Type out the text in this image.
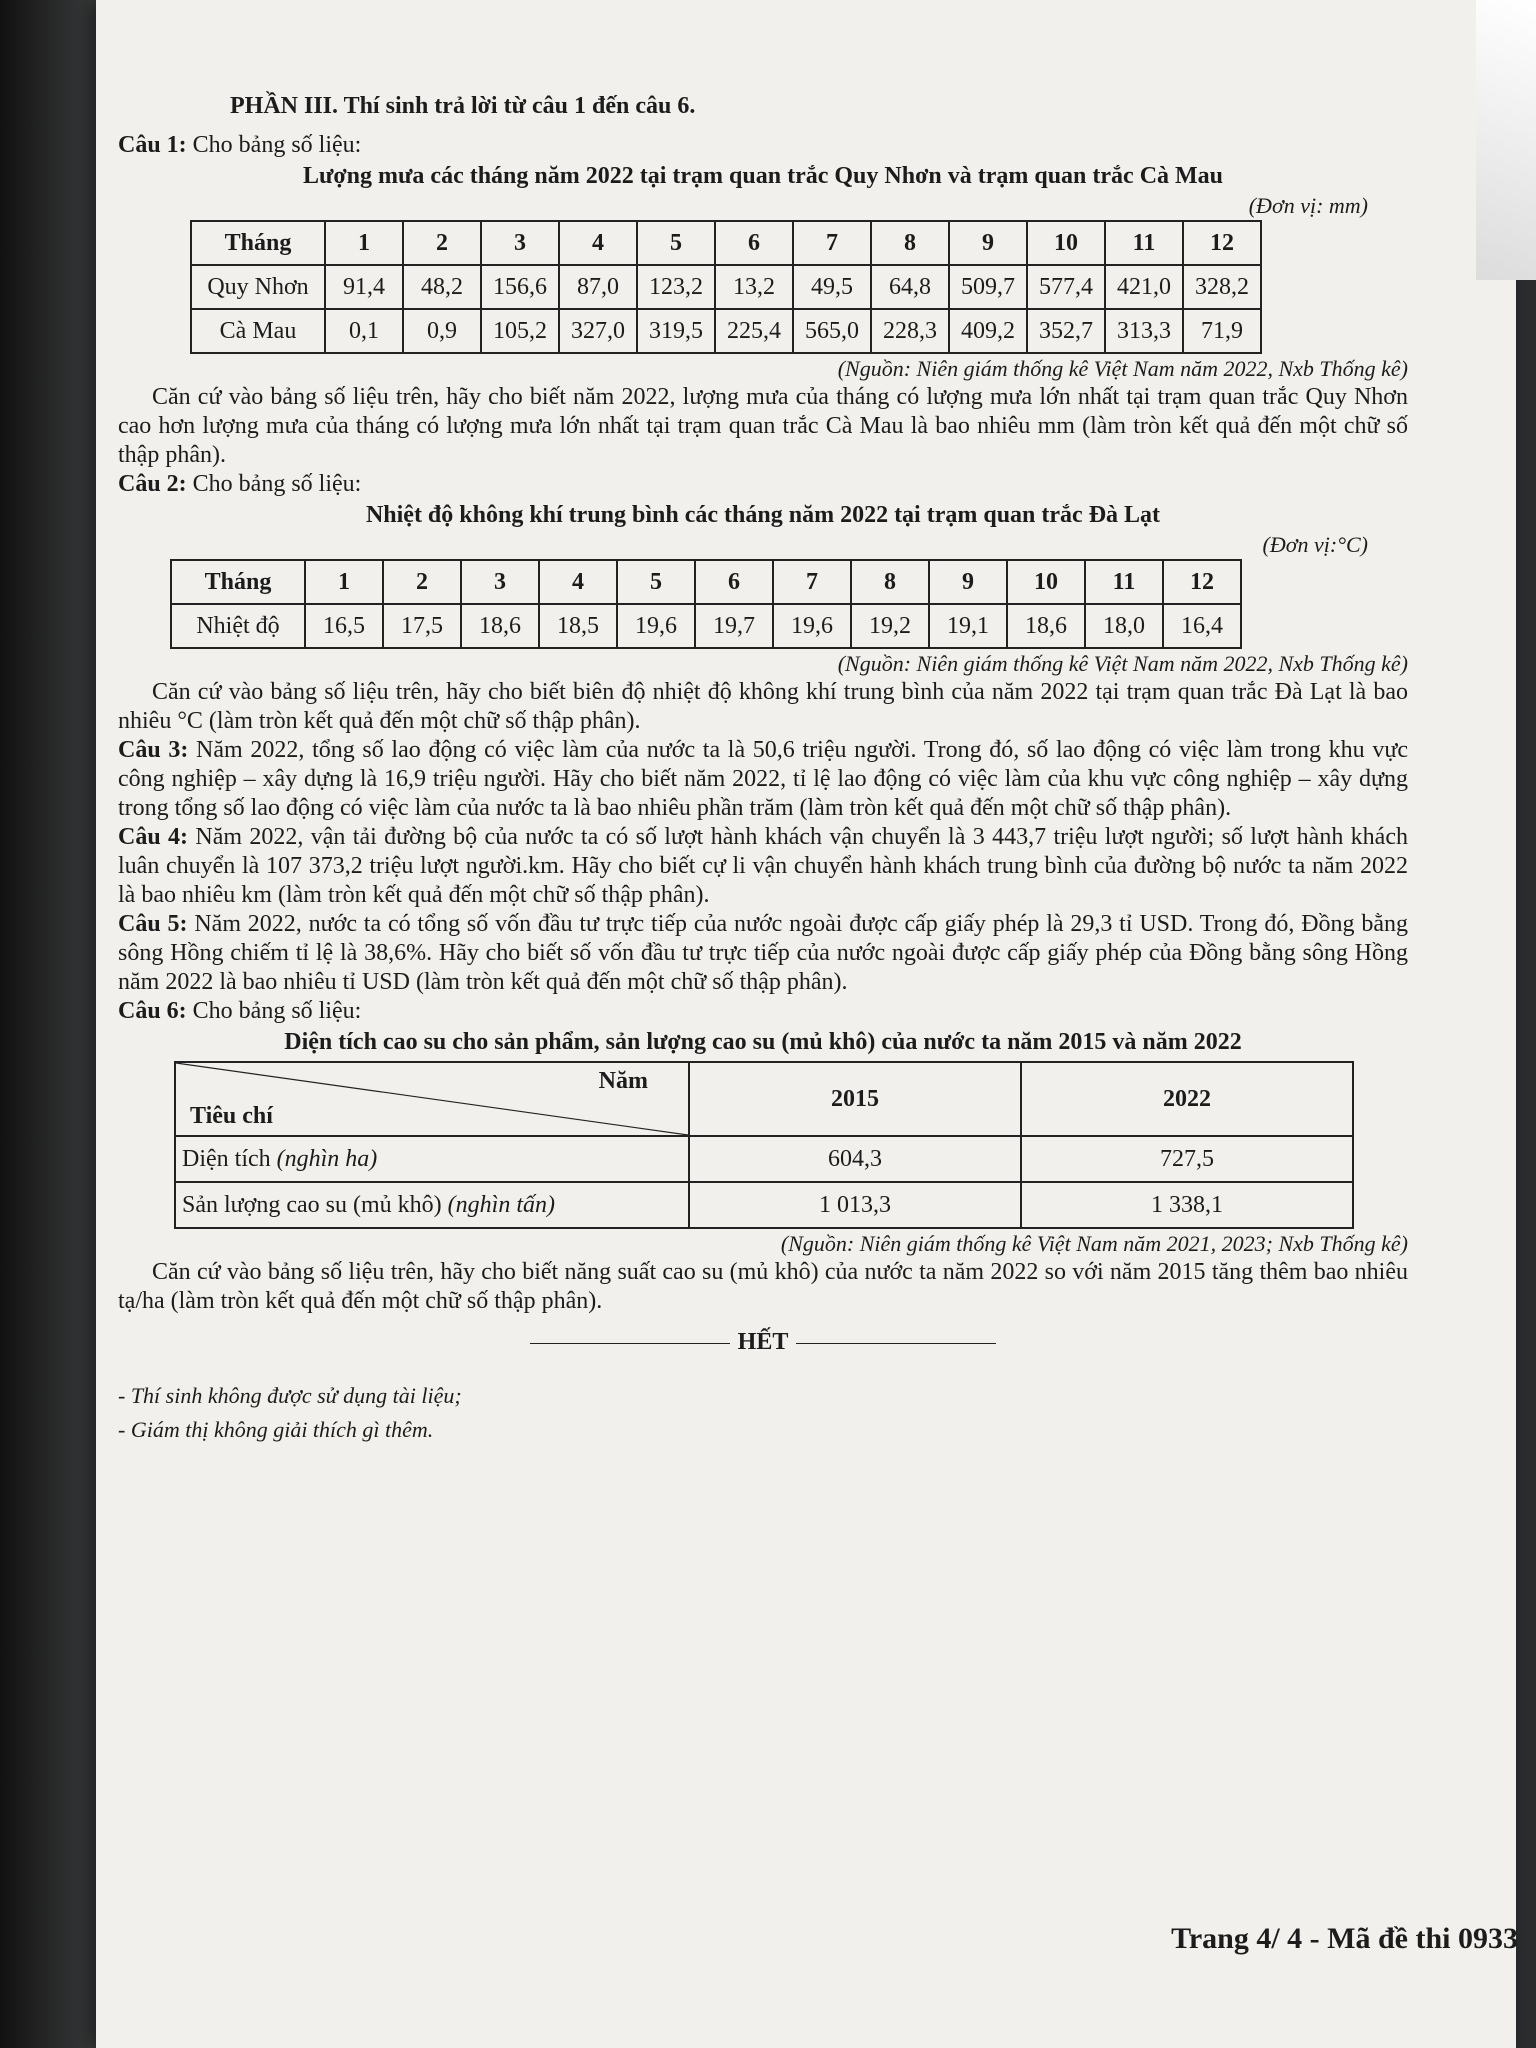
PHẦN III. Thí sinh trả lời từ câu 1 đến câu 6.

Câu 1: Cho bảng số liệu:

Lượng mưa các tháng năm 2022 tại trạm quan trắc Quy Nhơn và trạm quan trắc Cà Mau

(Đơn vị: mm)

Tháng	1	2	3	4	5	6	7	8	9	10	11	12
Quy Nhơn	91,4	48,2	156,6	87,0	123,2	13,2	49,5	64,8	509,7	577,4	421,0	328,2
Cà Mau	0,1	0,9	105,2	327,0	319,5	225,4	565,0	228,3	409,2	352,7	313,3	71,9

(Nguồn: Niên giám thống kê Việt Nam năm 2022, Nxb Thống kê)

Căn cứ vào bảng số liệu trên, hãy cho biết năm 2022, lượng mưa của tháng có lượng mưa lớn nhất tại trạm quan trắc Quy Nhơn cao hơn lượng mưa của tháng có lượng mưa lớn nhất tại trạm quan trắc Cà Mau là bao nhiêu mm (làm tròn kết quả đến một chữ số thập phân).

Câu 2: Cho bảng số liệu:

Nhiệt độ không khí trung bình các tháng năm 2022 tại trạm quan trắc Đà Lạt

(Đơn vị:°C)

Tháng	1	2	3	4	5	6	7	8	9	10	11	12
Nhiệt độ	16,5	17,5	18,6	18,5	19,6	19,7	19,6	19,2	19,1	18,6	18,0	16,4

(Nguồn: Niên giám thống kê Việt Nam năm 2022, Nxb Thống kê)

Căn cứ vào bảng số liệu trên, hãy cho biết biên độ nhiệt độ không khí trung bình của năm 2022 tại trạm quan trắc Đà Lạt là bao nhiêu °C (làm tròn kết quả đến một chữ số thập phân).

Câu 3: Năm 2022, tổng số lao động có việc làm của nước ta là 50,6 triệu người. Trong đó, số lao động có việc làm trong khu vực công nghiệp – xây dựng là 16,9 triệu người. Hãy cho biết năm 2022, tỉ lệ lao động có việc làm của khu vực công nghiệp – xây dựng trong tổng số lao động có việc làm của nước ta là bao nhiêu phần trăm (làm tròn kết quả đến một chữ số thập phân).

Câu 4: Năm 2022, vận tải đường bộ của nước ta có số lượt hành khách vận chuyển là 3 443,7 triệu lượt người; số lượt hành khách luân chuyển là 107 373,2 triệu lượt người.km. Hãy cho biết cự li vận chuyển hành khách trung bình của đường bộ nước ta năm 2022 là bao nhiêu km (làm tròn kết quả đến một chữ số thập phân).

Câu 5: Năm 2022, nước ta có tổng số vốn đầu tư trực tiếp của nước ngoài được cấp giấy phép là 29,3 tỉ USD. Trong đó, Đồng bằng sông Hồng chiếm tỉ lệ là 38,6%. Hãy cho biết số vốn đầu tư trực tiếp của nước ngoài được cấp giấy phép của Đồng bằng sông Hồng năm 2022 là bao nhiêu tỉ USD (làm tròn kết quả đến một chữ số thập phân).

Câu 6: Cho bảng số liệu:

Diện tích cao su cho sản phẩm, sản lượng cao su (mủ khô) của nước ta năm 2015 và năm 2022

Năm
Tiêu chí	2015	2022
Diện tích (nghìn ha)	604,3	727,5
Sản lượng cao su (mủ khô) (nghìn tấn)	1 013,3	1 338,1

(Nguồn: Niên giám thống kê Việt Nam năm 2021, 2023; Nxb Thống kê)

Căn cứ vào bảng số liệu trên, hãy cho biết năng suất cao su (mủ khô) của nước ta năm 2022 so với năm 2015 tăng thêm bao nhiêu tạ/ha (làm tròn kết quả đến một chữ số thập phân).

HẾT

- Thí sinh không được sử dụng tài liệu;
- Giám thị không giải thích gì thêm.
Trang 4/ 4 - Mã đề thi 0933
